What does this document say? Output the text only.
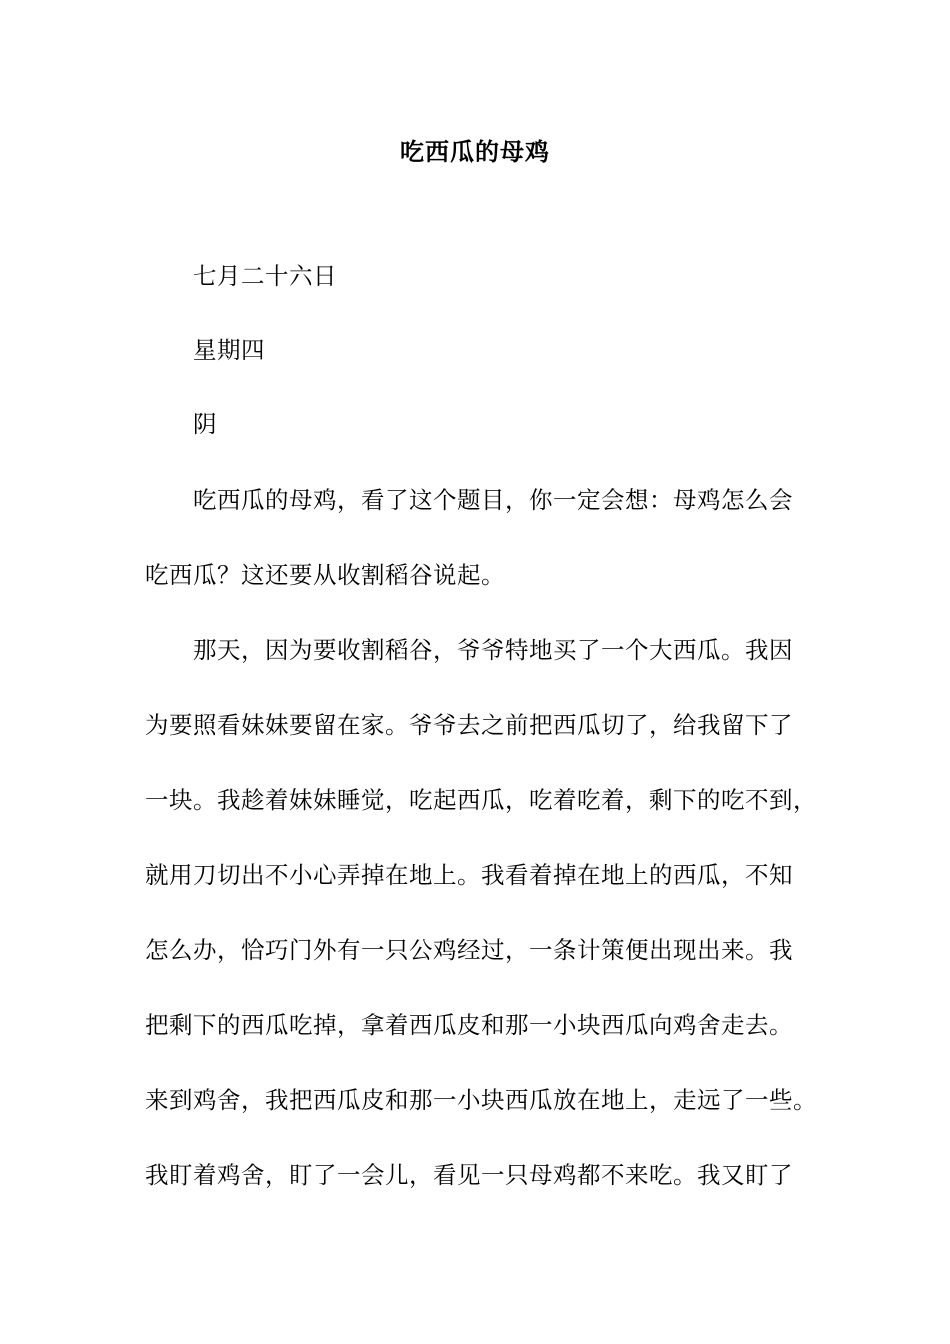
吃西瓜的母鸡
七月二十六日
星期四
阴
吃西瓜的母鸡，看了这个题目，你一定会想：母鸡怎么会
吃西瓜？这还要从收割稻谷说起。
那天，因为要收割稻谷，爷爷特地买了一个大西瓜。我因
为要照看妹妹要留在家。爷爷去之前把西瓜切了，给我留下了
一块。我趁着妹妹睡觉，吃起西瓜，吃着吃着，剩下的吃不到，
就用刀切出不小心弄掉在地上。我看着掉在地上的西瓜，不知
怎么办，恰巧门外有一只公鸡经过，一条计策便出现出来。我
把剩下的西瓜吃掉，拿着西瓜皮和那一小块西瓜向鸡舍走去。
来到鸡舍，我把西瓜皮和那一小块西瓜放在地上，走远了一些。
我盯着鸡舍，盯了一会儿，看见一只母鸡都不来吃。我又盯了
